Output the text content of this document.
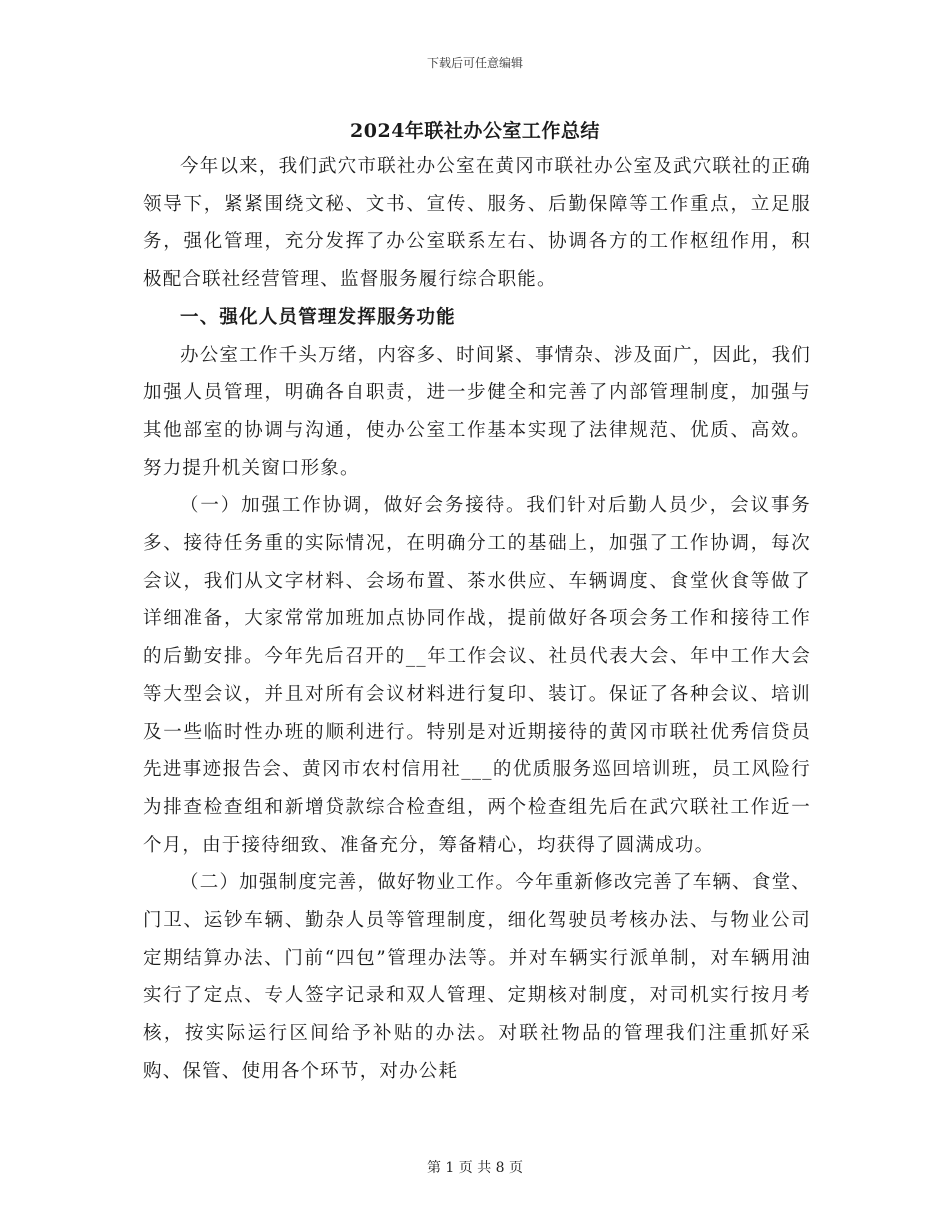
下载后可任意编辑
2024年联社办公室工作总结

今年以来，我们武穴市联社办公室在黄冈市联社办公室及武穴联社的正确领导下，紧紧围绕文秘、文书、宣传、服务、后勤保障等工作重点，立足服务，强化管理，充分发挥了办公室联系左右、协调各方的工作枢纽作用，积极配合联社经营管理、监督服务履行综合职能。

一、强化人员管理发挥服务功能

办公室工作千头万绪，内容多、时间紧、事情杂、涉及面广，因此，我们加强人员管理，明确各自职责，进一步健全和完善了内部管理制度，加强与其他部室的协调与沟通，使办公室工作基本实现了法律规范、优质、高效。努力提升机关窗口形象。

（一）加强工作协调，做好会务接待。我们针对后勤人员少，会议事务多、接待任务重的实际情况，在明确分工的基础上，加强了工作协调，每次会议，我们从文字材料、会场布置、茶水供应、车辆调度、食堂伙食等做了详细准备，大家常常加班加点协同作战，提前做好各项会务工作和接待工作的后勤安排。今年先后召开的__年工作会议、社员代表大会、年中工作大会等大型会议，并且对所有会议材料进行复印、装订。保证了各种会议、培训及一些临时性办班的顺利进行。特别是对近期接待的黄冈市联社优秀信贷员先进事迹报告会、黄冈市农村信用社___的优质服务巡回培训班，员工风险行为排查检查组和新增贷款综合检查组，两个检查组先后在武穴联社工作近一个月，由于接待细致、准备充分，筹备精心，均获得了圆满成功。

（二）加强制度完善，做好物业工作。今年重新修改完善了车辆、食堂、门卫、运钞车辆、勤杂人员等管理制度，细化驾驶员考核办法、与物业公司定期结算办法、门前“四包”管理办法等。并对车辆实行派单制，对车辆用油实行了定点、专人签字记录和双人管理、定期核对制度，对司机实行按月考核，按实际运行区间给予补贴的办法。对联社物品的管理我们注重抓好采购、保管、使用各个环节，对办公耗

第 1 页 共 8 页
